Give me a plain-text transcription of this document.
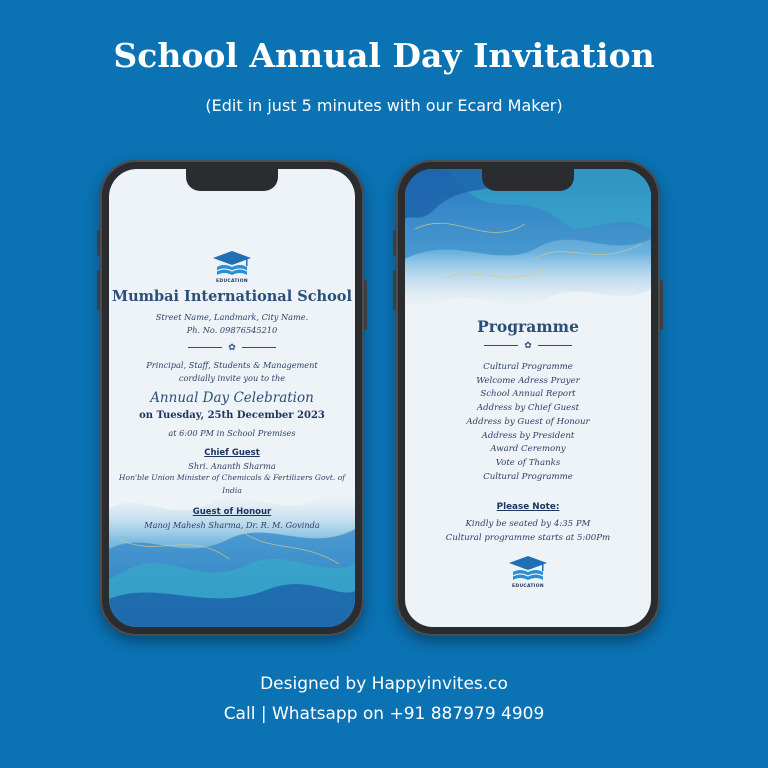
School Annual Day Invitation
(Edit in just 5 minutes with our Ecard Maker)
EDUCATION
Mumbai International School
Street Name, Landmark, City Name.
Ph. No. 09876545210
✿
Principal, Staff, Students & Management
cordially invite you to the
Annual Day Celebration
on Tuesday, 25th December 2023
at 6:00 PM in School Premises
Chief Guest
Shri. Ananth Sharma
Hon'ble Union Minister of Chemicals & Fertilizers Govt. of India
Guest of Honour
Manoj Mahesh Sharma, Dr. R. M. Govinda
Programme
✿
Cultural Programme
Welcome Adress Prayer
School Annual Report
Address by Chief Guest
Address by Guest of Honour
Address by President
Award Ceremony
Vote of Thanks
Cultural Programme
Please Note:
Kindly be seated by 4:35 PM
Cultural programme starts at 5:00Pm
EDUCATION
Designed by Happyinvites.co
Call | Whatsapp on +91 887979 4909
